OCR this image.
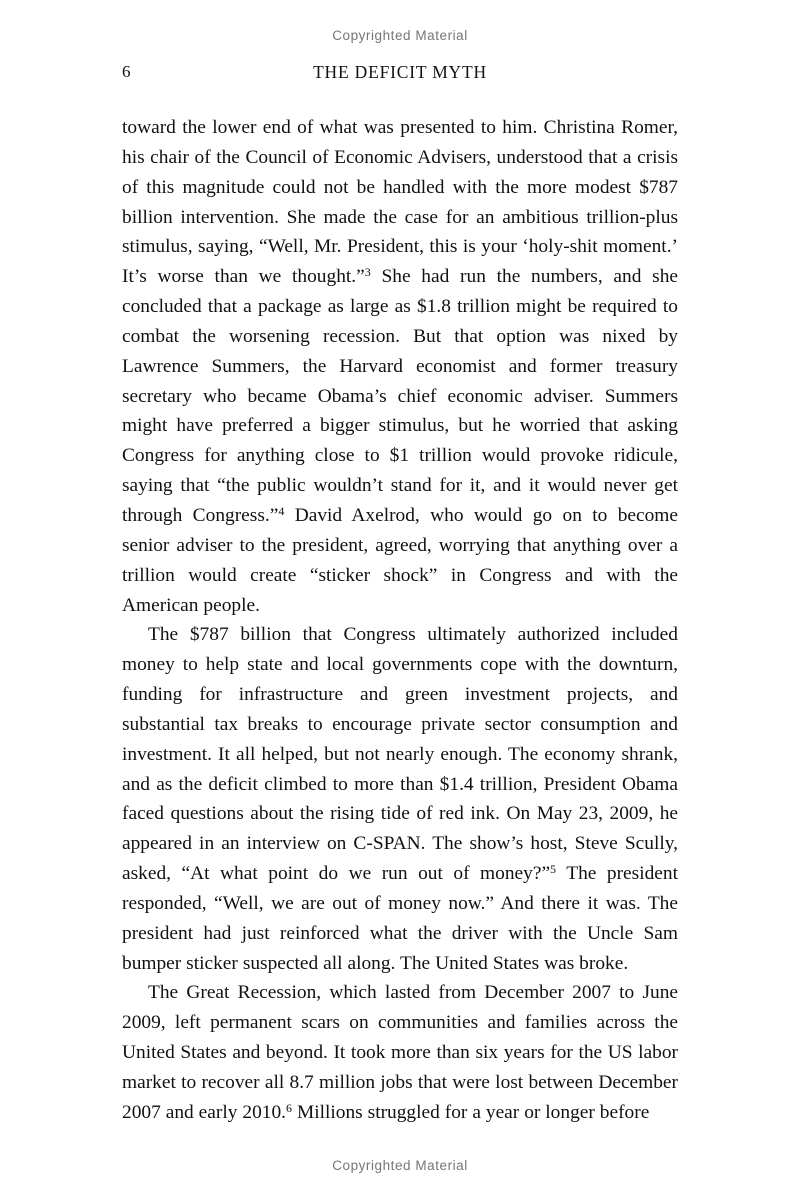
Copyrighted Material
6	THE DEFICIT MYTH

toward the lower end of what was presented to him. Christina Romer, his chair of the Council of Economic Advisers, understood that a crisis of this magnitude could not be handled with the more modest $787 billion intervention. She made the case for an ambitious trillion-plus stimulus, saying, “Well, Mr. President, this is your ‘holy-shit moment.’ It’s worse than we thought.”$^3$ She had run the numbers, and she concluded that a package as large as $1.8 trillion might be required to combat the worsening recession. But that option was nixed by Lawrence Summers, the Harvard economist and former treasury secretary who became Obama’s chief economic adviser. Summers might have preferred a bigger stimulus, but he worried that asking Congress for anything close to $1 trillion would provoke ridicule, saying that “the public wouldn’t stand for it, and it would never get through Congress.”$^4$ David Axelrod, who would go on to become senior adviser to the president, agreed, worrying that anything over a trillion would create “sticker shock” in Congress and with the American people.

The $787 billion that Congress ultimately authorized included money to help state and local governments cope with the downturn, funding for infrastructure and green investment projects, and substantial tax breaks to encourage private sector consumption and investment. It all helped, but not nearly enough. The economy shrank, and as the deficit climbed to more than $1.4 trillion, President Obama faced questions about the rising tide of red ink. On May 23, 2009, he appeared in an interview on C-SPAN. The show’s host, Steve Scully, asked, “At what point do we run out of money?”$^5$ The president responded, “Well, we are out of money now.” And there it was. The president had just reinforced what the driver with the Uncle Sam bumper sticker suspected all along. The United States was broke.

The Great Recession, which lasted from December 2007 to June 2009, left permanent scars on communities and families across the United States and beyond. It took more than six years for the US labor market to recover all 8.7 million jobs that were lost between December 2007 and early 2010.$^6$ Millions struggled for a year or longer before

Copyrighted Material
